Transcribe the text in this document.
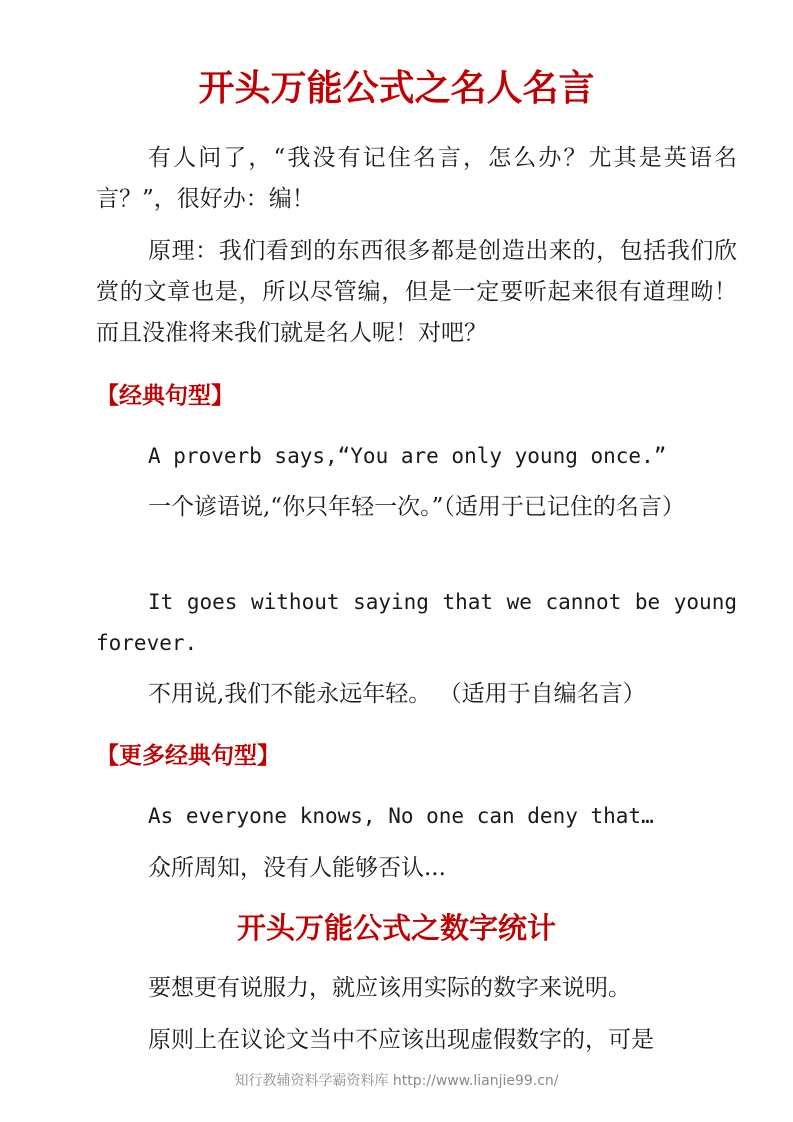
开头万能公式之名人名言

有人问了，“我没有记住名言，怎么办？尤其是英语名言？”，很好办：编！

原理：我们看到的东西很多都是创造出来的，包括我们欣赏的文章也是，所以尽管编，但是一定要听起来很有道理呦！而且没准将来我们就是名人呢！对吧？

【经典句型】

A proverb says,“You are only young once.”

一个谚语说,“你只年轻一次。”（适用于已记住的名言）

It goes without saying that we cannot be young forever.

不用说,我们不能永远年轻。 （适用于自编名言）

【更多经典句型】

As everyone knows, No one can deny that…

众所周知，没有人能够否认...

开头万能公式之数字统计

要想更有说服力，就应该用实际的数字来说明。

原则上在议论文当中不应该出现虚假数字的，可是

知行教辅资料学霸资料库 http://www.lianjie99.cn/
